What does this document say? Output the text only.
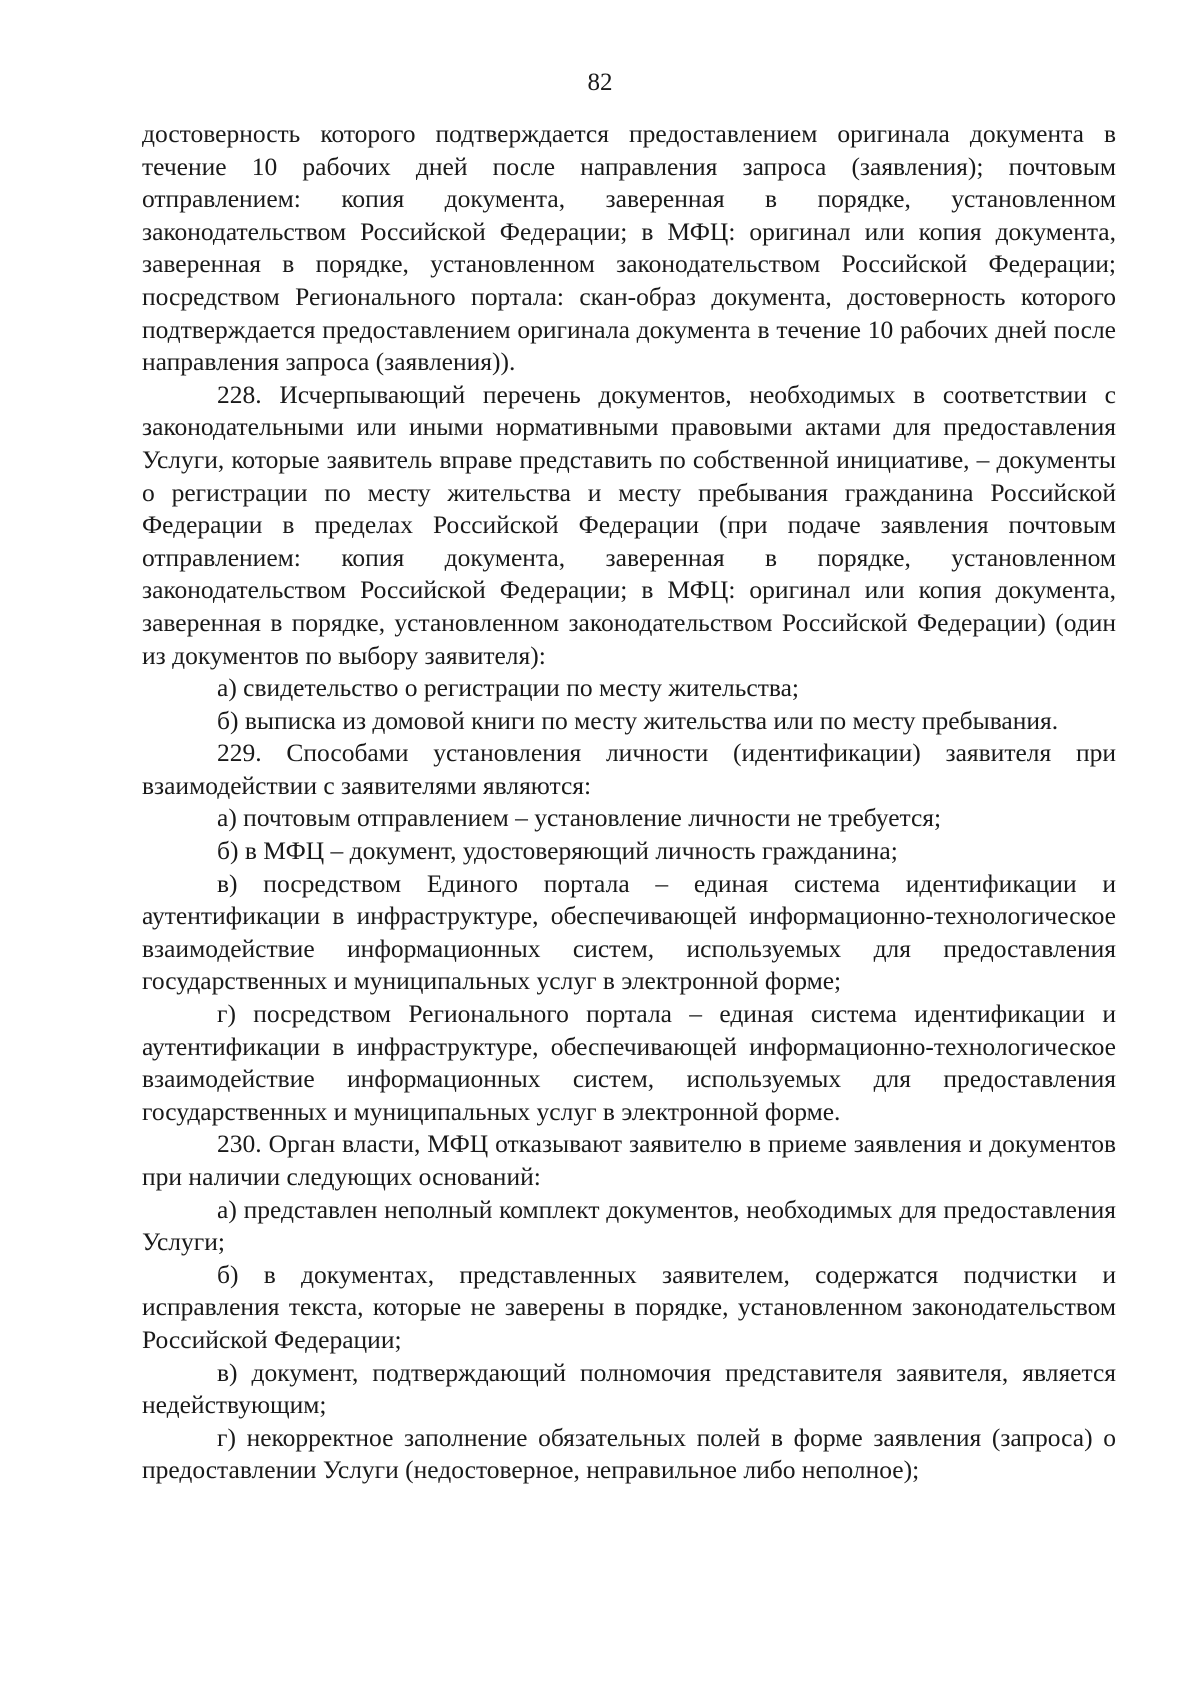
82

достоверность которого подтверждается предоставлением оригинала документа в течение 10 рабочих дней после направления запроса (заявления); почтовым отправлением: копия документа, заверенная в порядке, установленном законодательством Российской Федерации; в МФЦ: оригинал или копия документа, заверенная в порядке, установленном законодательством Российской Федерации; посредством Регионального портала: скан-образ документа, достоверность которого подтверждается предоставлением оригинала документа в течение 10 рабочих дней после направления запроса (заявления)).

228. Исчерпывающий перечень документов, необходимых в соответствии с законодательными или иными нормативными правовыми актами для предоставления Услуги, которые заявитель вправе представить по собственной инициативе, – документы о регистрации по месту жительства и месту пребывания гражданина Российской Федерации в пределах Российской Федерации (при подаче заявления почтовым отправлением: копия документа, заверенная в порядке, установленном законодательством Российской Федерации; в МФЦ: оригинал или копия документа, заверенная в порядке, установленном законодательством Российской Федерации) (один из документов по выбору заявителя):

а) свидетельство о регистрации по месту жительства;

б) выписка из домовой книги по месту жительства или по месту пребывания.

229. Способами установления личности (идентификации) заявителя при взаимодействии с заявителями являются:

а) почтовым отправлением – установление личности не требуется;

б) в МФЦ – документ, удостоверяющий личность гражданина;

в) посредством Единого портала – единая система идентификации и аутентификации в инфраструктуре, обеспечивающей информационно-технологическое взаимодействие информационных систем, используемых для предоставления государственных и муниципальных услуг в электронной форме;

г) посредством Регионального портала – единая система идентификации и аутентификации в инфраструктуре, обеспечивающей информационно-технологическое взаимодействие информационных систем, используемых для предоставления государственных и муниципальных услуг в электронной форме.

230. Орган власти, МФЦ отказывают заявителю в приеме заявления и документов при наличии следующих оснований:

а) представлен неполный комплект документов, необходимых для предоставления Услуги;

б) в документах, представленных заявителем, содержатся подчистки и исправления текста, которые не заверены в порядке, установленном законодательством Российской Федерации;

в) документ, подтверждающий полномочия представителя заявителя, является недействующим;

г) некорректное заполнение обязательных полей в форме заявления (запроса) о предоставлении Услуги (недостоверное, неправильное либо неполное);
